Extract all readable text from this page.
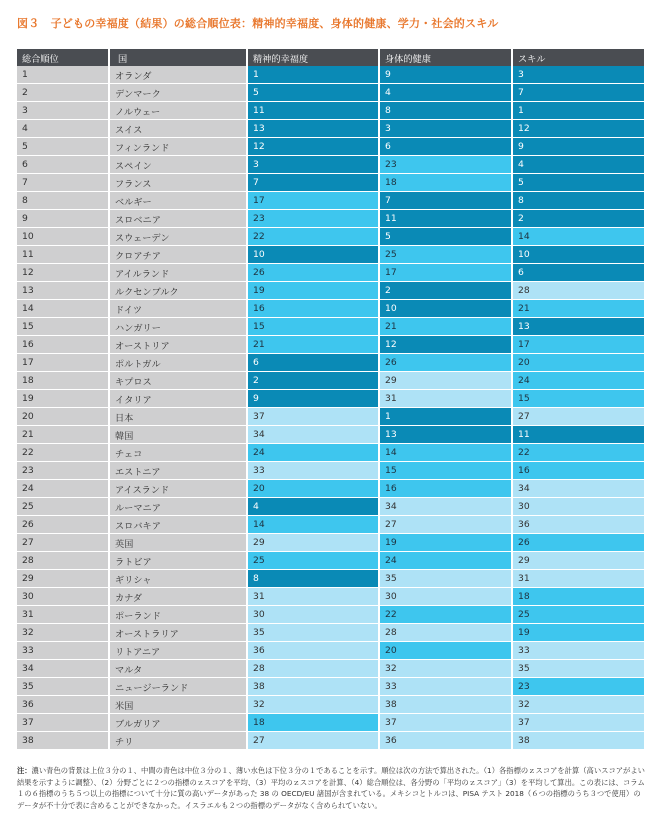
図３　子どもの幸福度（結果）の総合順位表：精神的幸福度、身体的健康、学力・社会的スキル
総合順位	国	精神的幸福度	身体的健康	スキル
1	オランダ	1	9	3
2	デンマーク	5	4	7
3	ノルウェー	11	8	1
4	スイス	13	3	12
5	フィンランド	12	6	9
6	スペイン	3	23	4
7	フランス	7	18	5
8	ベルギー	17	7	8
9	スロベニア	23	11	2
10	スウェーデン	22	5	14
11	クロアチア	10	25	10
12	アイルランド	26	17	6
13	ルクセンブルク	19	2	28
14	ドイツ	16	10	21
15	ハンガリー	15	21	13
16	オーストリア	21	12	17
17	ポルトガル	6	26	20
18	キプロス	2	29	24
19	イタリア	9	31	15
20	日本	37	1	27
21	韓国	34	13	11
22	チェコ	24	14	22
23	エストニア	33	15	16
24	アイスランド	20	16	34
25	ルーマニア	4	34	30
26	スロバキア	14	27	36
27	英国	29	19	26
28	ラトビア	25	24	29
29	ギリシャ	8	35	31
30	カナダ	31	30	18
31	ポーランド	30	22	25
32	オーストラリア	35	28	19
33	リトアニア	36	20	33
34	マルタ	28	32	35
35	ニュージーランド	38	33	23
36	米国	32	38	32
37	ブルガリア	18	37	37
38	チリ	27	36	38
注：濃い青色の背景は上位３分の１、中間の青色は中位３分の１、薄い水色は下位３分の１であることを示す。順位は次の方法で算出された。（1）各指標のｚスコアを計算（高いスコアがよい結果を示すように調整）、（2）分野ごとに２つの指標のｚスコアを平均、（3）平均のｚスコアを計算、（4）総合順位は、各分野の「平均のｚスコア」（3）を平均して算出。この表には、コラム１の６指標のうち５つ以上の指標について十分に質の高いデータがあった 38 の OECD/EU 諸国が含まれている。メキシコとトルコは、PISA テスト 2018（６つの指標のうち３つで使用）のデータが不十分で表に含めることができなかった。イスラエルも２つの指標のデータがなく含められていない。
